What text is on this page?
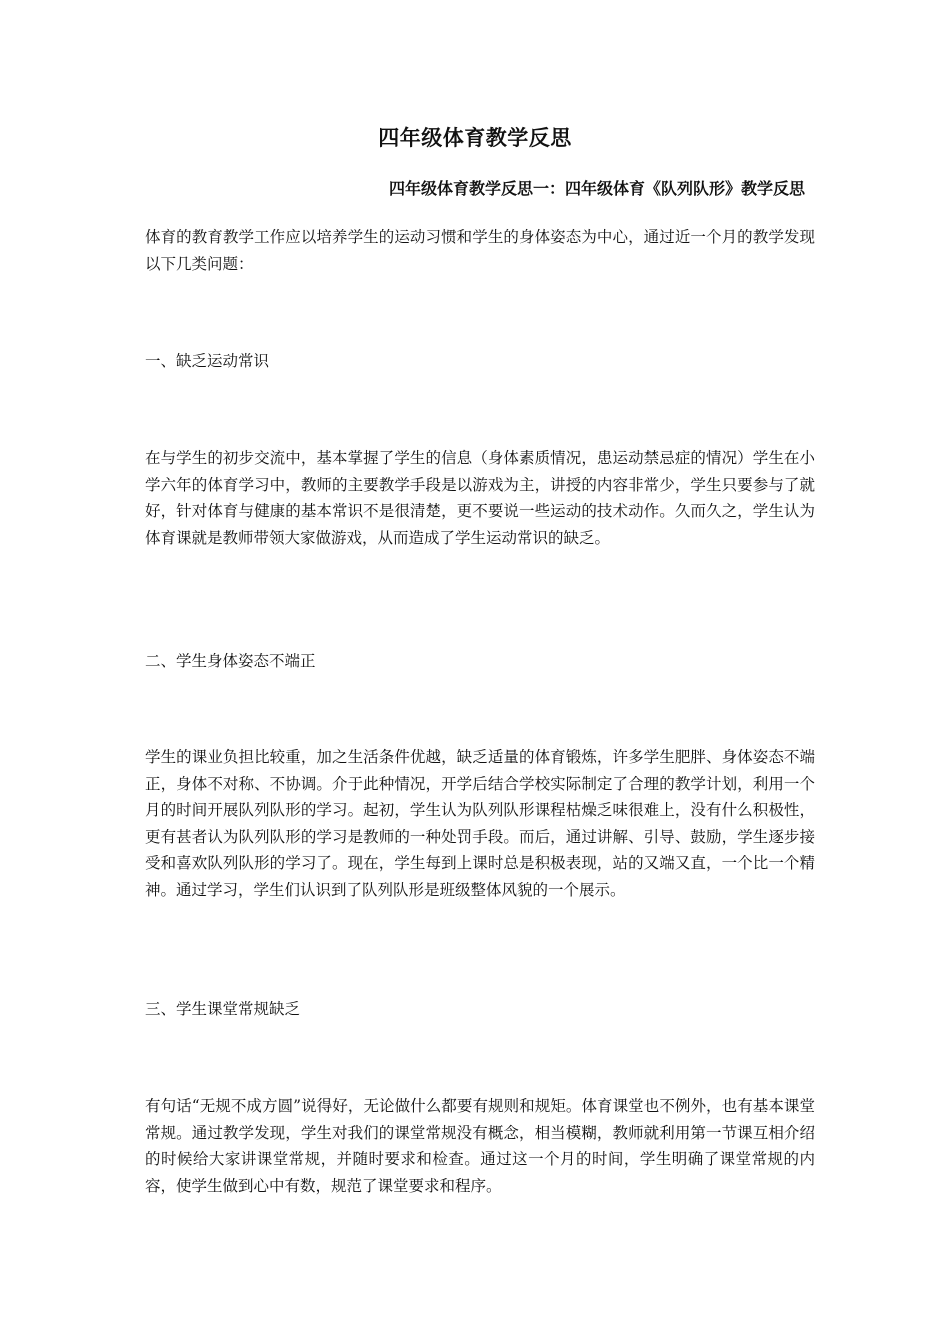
四年级体育教学反思
四年级体育教学反思一：四年级体育《队列队形》教学反思
体育的教育教学工作应以培养学生的运动习惯和学生的身体姿态为中心，通过近一个月的教学发现以下几类问题：
一、缺乏运动常识
在与学生的初步交流中，基本掌握了学生的信息（身体素质情况，患运动禁忌症的情况）学生在小学六年的体育学习中，教师的主要教学手段是以游戏为主，讲授的内容非常少，学生只要参与了就好，针对体育与健康的基本常识不是很清楚，更不要说一些运动的技术动作。久而久之，学生认为体育课就是教师带领大家做游戏，从而造成了学生运动常识的缺乏。
二、学生身体姿态不端正
学生的课业负担比较重，加之生活条件优越，缺乏适量的体育锻炼，许多学生肥胖、身体姿态不端正，身体不对称、不协调。介于此种情况，开学后结合学校实际制定了合理的教学计划，利用一个月的时间开展队列队形的学习。起初，学生认为队列队形课程枯燥乏味很难上，没有什么积极性，更有甚者认为队列队形的学习是教师的一种处罚手段。而后，通过讲解、引导、鼓励，学生逐步接受和喜欢队列队形的学习了。现在，学生每到上课时总是积极表现，站的又端又直，一个比一个精神。通过学习，学生们认识到了队列队形是班级整体风貌的一个展示。
三、学生课堂常规缺乏
有句话“无规不成方圆”说得好，无论做什么都要有规则和规矩。体育课堂也不例外，也有基本课堂常规。通过教学发现，学生对我们的课堂常规没有概念，相当模糊，教师就利用第一节课互相介绍的时候给大家讲课堂常规，并随时要求和检查。通过这一个月的时间，学生明确了课堂常规的内容，使学生做到心中有数，规范了课堂要求和程序。
